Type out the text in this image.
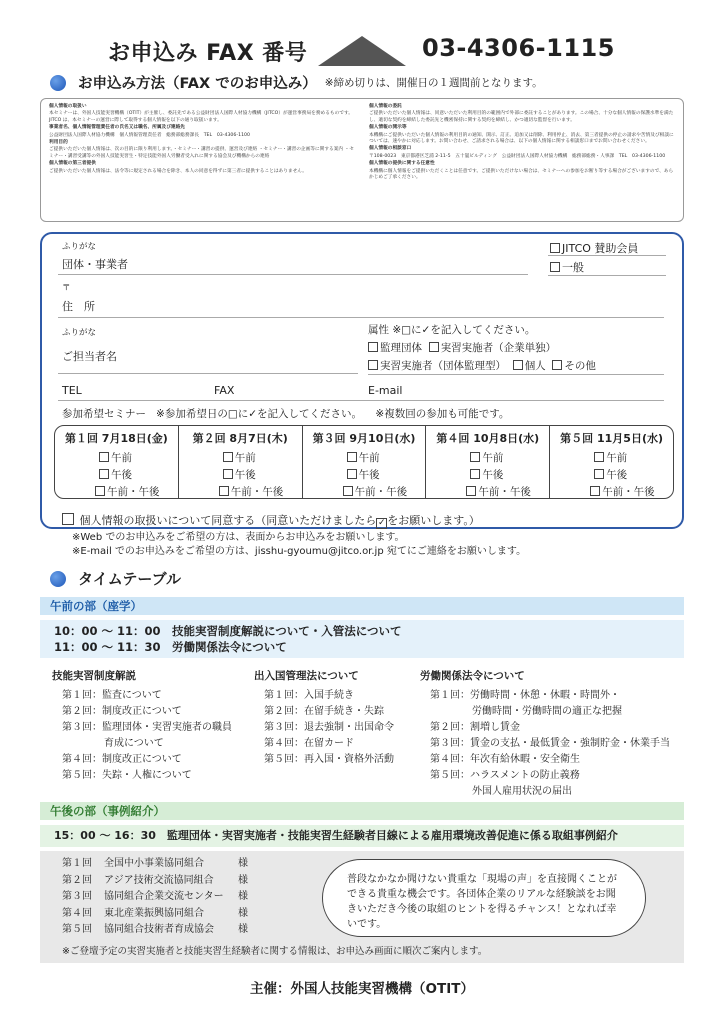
お申込み FAX 番号	03-4306-1115
お申込み方法（FAX でのお申込み） ※締め切りは、開催日の１週間前となります。

個人情報の取扱い

本セミナーは、外国人技能実習機構（OTIT）が主催し、委託先である公益財団法人国際人材協力機構（JITCO）が運営事務局を務めるものです。JITCO は、本セミナーの運営に際して取得する個人情報を以下の通り取扱います。

事業者名、個人情報管理責任者の氏名又は職名、所属及び連絡先

公益財団法人国際人材協力機構　個人情報管理責任者　総務部総務課長　TEL　03-4306-1100

利用目的

ご提供いただいた個人情報は、次の目的に限り利用します。・セミナー・講習の提供、運営及び連絡 ・セミナー・講習の企画等に関する案内 ・セミナー・講習受講等の外国人技能実習生・特定技能外国人労働者受入れに関する協会及び機構からの連絡

個人情報の第三者提供

ご提供いただいた個人情報は、法令等に規定される場合を除き、本人の同意を得ずに第三者に提供することはありません。

個人情報の委託

ご提供いただいた個人情報は、同意いただいた利用目的の範囲内で外部に委託することがあります。この場合、十分な個人情報の保護水準を満たし、適切な契約を締結した委託先と機密保持に関する契約を締結し、かつ適切な監督を行います。

個人情報の開示等

本機構にご提供いただいた個人情報の利用目的の通知、開示、訂正、追加又は削除、利用停止、消去、第三者提供の停止の請求や苦情及び相談については、速やかに対応します。お問い合わせ、ご請求される場合は、以下の個人情報に関する相談窓口までお問い合わせください。

個人情報の相談窓口

〒108-0023　東京都港区芝浦 2-11-5　五十嵐ビルディング　公益財団法人国際人材協力機構　総務部総務・人事課　TEL　03-4306-1100

個人情報の提供に関する任意性

本機構に個人情報をご提供いただくことは任意です。ご提供いただけない場合は、セミナーへの参加をお断り等する場合がございますので、あらかじめご了承ください。

ふりがな
団体・事業者
JITCO 賛助会員
一般
〒
住　所
ふりがな
ご担当者名
属性 ※□に✓を記入してください。
監理団体 実習実施者（企業単独）
実習実施者（団体監理型） 個人 その他
TEL	FAX	E-mail
参加希望セミナー ※参加希望日の□に✓を記入してください。 ※複数回の参加も可能です。
第１回 7月18日(金)
午前
午後
午前・午後
第２回 8月7日(木)
午前
午後
午前・午後
第３回 9月10日(水)
午前
午後
午前・午後
第４回 10月8日(水)
午前
午後
午前・午後
第５回 11月5日(水)
午前
午後
午前・午後
個人情報の取扱いについて同意する（同意いただけましたら ✓ をお願いします。）
※Web でのお申込みをご希望の方は、表面からお申込みをお願いします。
※E-mail でのお申込みをご希望の方は、jisshu-gyoumu@jitco.or.jp 宛てにご連絡をお願いします。
タイムテーブル
午前の部（座学）
10：00 ～ 11：00　技能実習制度解説について・入管法について
11：00 ～ 11：30　労働関係法令について
技能実習制度解説
第１回：監査について
第２回：制度改正について
第３回：監理団体・実習実施者の職員
育成について
第４回：制度改正について
第５回：失踪・人権について
出入国管理法について
第１回：入国手続き
第２回：在留手続き・失踪
第３回：退去強制・出国命令
第４回：在留カード
第５回：再入国・資格外活動
労働関係法令について
第１回：労働時間・休憩・休暇・時間外・
労働時間・労働時間の適正な把握
第２回：割増し賃金
第３回：賃金の支払・最低賃金・強制貯金・休業手当
第４回：年次有給休暇・安全衛生
第５回：ハラスメントの防止義務
外国人雇用状況の届出
午後の部（事例紹介）
15：00 ～ 16：30　監理団体・実習実施者・技能実習生経験者目線による雇用環境改善促進に係る取組事例紹介
第１回	全国中小事業協同組合	様
第２回	アジア技術交流協同組合	様
第３回	協同組合企業交流センター	様
第４回	東北産業振興協同組合	様
第５回	協同組合技術者育成協会	様
普段なかなか聞けない貴重な「現場の声」を直接聞くことができる貴重な機会です。各団体企業のリアルな経験談をお聞きいただき今後の取組のヒントを得るチャンス！となれば幸いです。
※ご登壇予定の実習実施者と技能実習生経験者に関する情報は、お申込み画面に順次ご案内します。
主催：外国人技能実習機構（OTIT）
